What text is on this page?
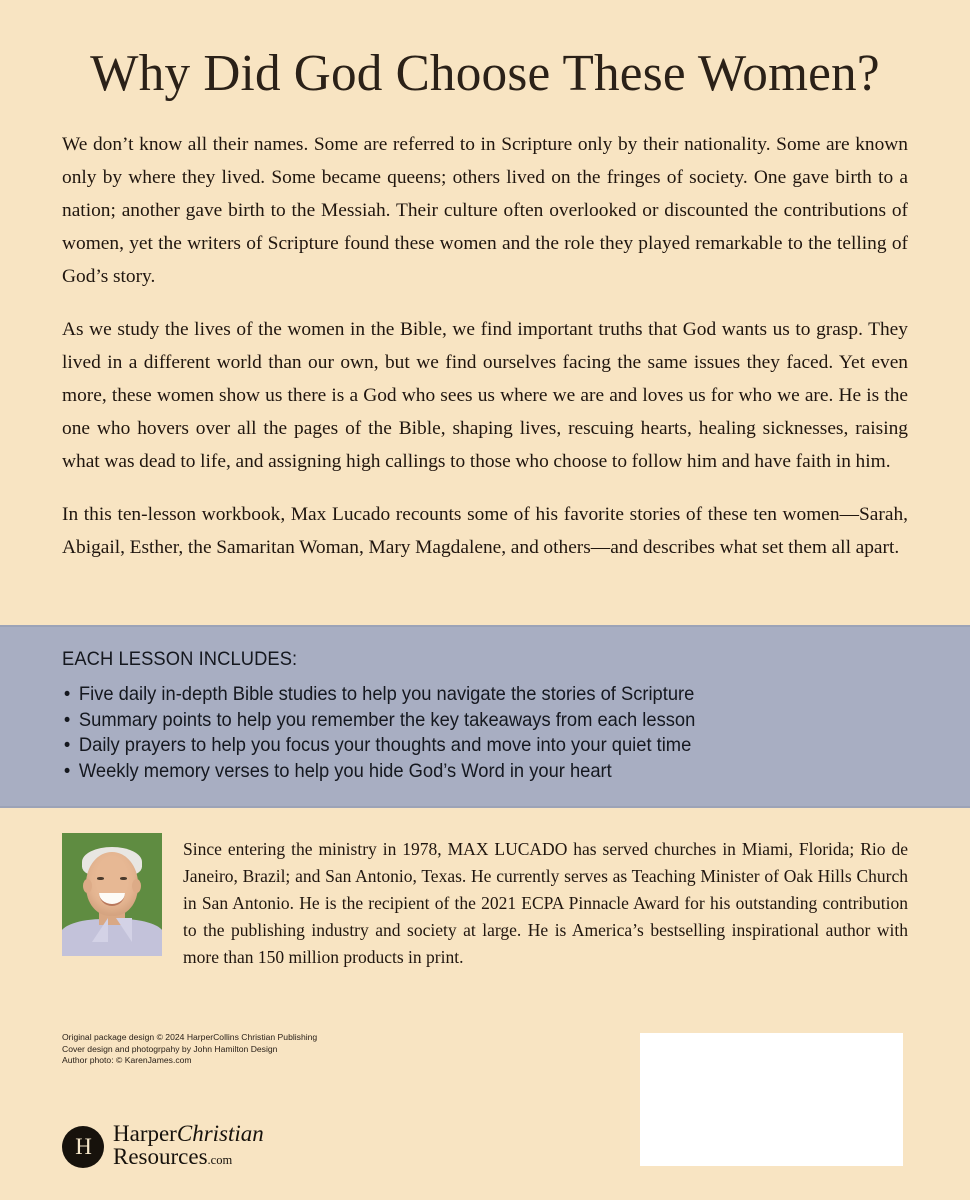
Why Did God Choose These Women?

We don’t know all their names. Some are referred to in Scripture only by their nationality. Some are known only by where they lived. Some became queens; others lived on the fringes of society. One gave birth to a nation; another gave birth to the Messiah. Their culture often overlooked or discounted the contributions of women, yet the writers of Scripture found these women and the role they played remarkable to the telling of God’s story.

As we study the lives of the women in the Bible, we find important truths that God wants us to grasp. They lived in a different world than our own, but we find ourselves facing the same issues they faced. Yet even more, these women show us there is a God who sees us where we are and loves us for who we are. He is the one who hovers over all the pages of the Bible, shaping lives, rescuing hearts, healing sicknesses, raising what was dead to life, and assigning high callings to those who choose to follow him and have faith in him.

In this ten-lesson workbook, Max Lucado recounts some of his favorite stories of these ten women—Sarah, Abigail, Esther, the Samaritan Woman, Mary Magdalene, and others—and describes what set them all apart.

EACH LESSON INCLUDES:
• Five daily in-depth Bible studies to help you navigate the stories of Scripture
• Summary points to help you remember the key takeaways from each lesson
• Daily prayers to help you focus your thoughts and move into your quiet time
• Weekly memory verses to help you hide God’s Word in your heart

Since entering the ministry in 1978, MAX LUCADO has served churches in Miami, Florida; Rio de Janeiro, Brazil; and San Antonio, Texas. He currently serves as Teaching Minister of Oak Hills Church in San Antonio. He is the recipient of the 2021 ECPA Pinnacle Award for his outstanding contribution to the publishing industry and society at large. He is America’s bestselling inspirational author with more than 150 million products in print.

Original package design © 2024 HarperCollins Christian Publishing
Cover design and photogrpahy by John Hamilton Design
Author photo: © KarenJames.com
H HarperChristian
Resources.com
